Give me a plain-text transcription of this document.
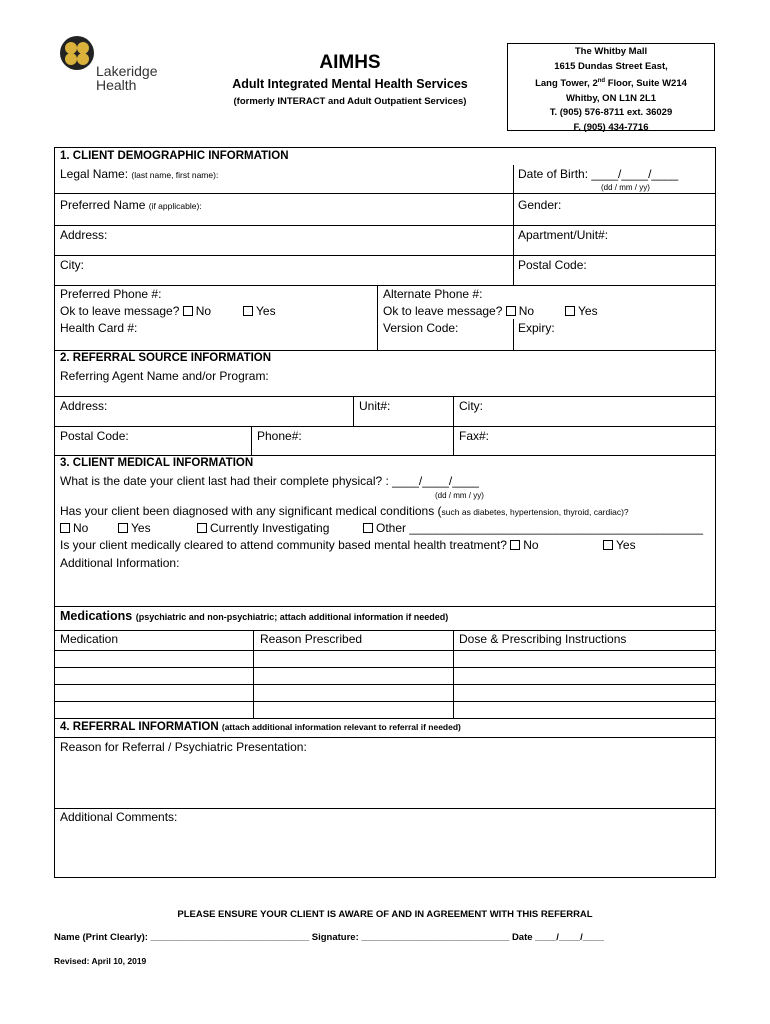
Lakeridge
Health
AIMHS
Adult Integrated Mental Health Services
(formerly INTERACT and Adult Outpatient Services)
The Whitby Mall
1615 Dundas Street East,
Lang Tower, 2nd Floor, Suite W214
Whitby, ON L1N 2L1
T. (905) 576-8711 ext. 36029
F. (905) 434-7716
1. CLIENT DEMOGRAPHIC INFORMATION
Legal Name: (last name, first name):	Date of Birth: ____/____/____
(dd / mm / yy)
Preferred Name (if applicable):	Gender:
Address:	Apartment/Unit#:
City:	Postal Code:
Preferred Phone #:
Ok to leave message? No	Yes
Health Card #:
Alternate Phone #:
Ok to leave message? No	Yes
Version Code:	Expiry:
2. REFERRAL SOURCE INFORMATION
Referring Agent Name and/or Program:
Address:	Unit#:	City:
Postal Code:	Phone#:	Fax#:
3. CLIENT MEDICAL INFORMATION
What is the date your client last had their complete physical? : ____/____/____
(dd / mm / yy)
Has your client been diagnosed with any significant medical conditions (such as diabetes, hypertension, thyroid, cardiac)?
No	Yes	Currently Investigating	Other ____________________________________________
Is your client medically cleared to attend community based mental health treatment? No	Yes
Additional Information:
Medications (psychiatric and non-psychiatric; attach additional information if needed)
Medication	Reason Prescribed	Dose & Prescribing Instructions
4. REFERRAL INFORMATION (attach additional information relevant to referral if needed)
Reason for Referral / Psychiatric Presentation:
Additional Comments:
PLEASE ENSURE YOUR CLIENT IS AWARE OF AND IN AGREEMENT WITH THIS REFERRAL
Name (Print Clearly): ______________________________ Signature: ____________________________ Date ____/____/____
Revised: April 10, 2019
